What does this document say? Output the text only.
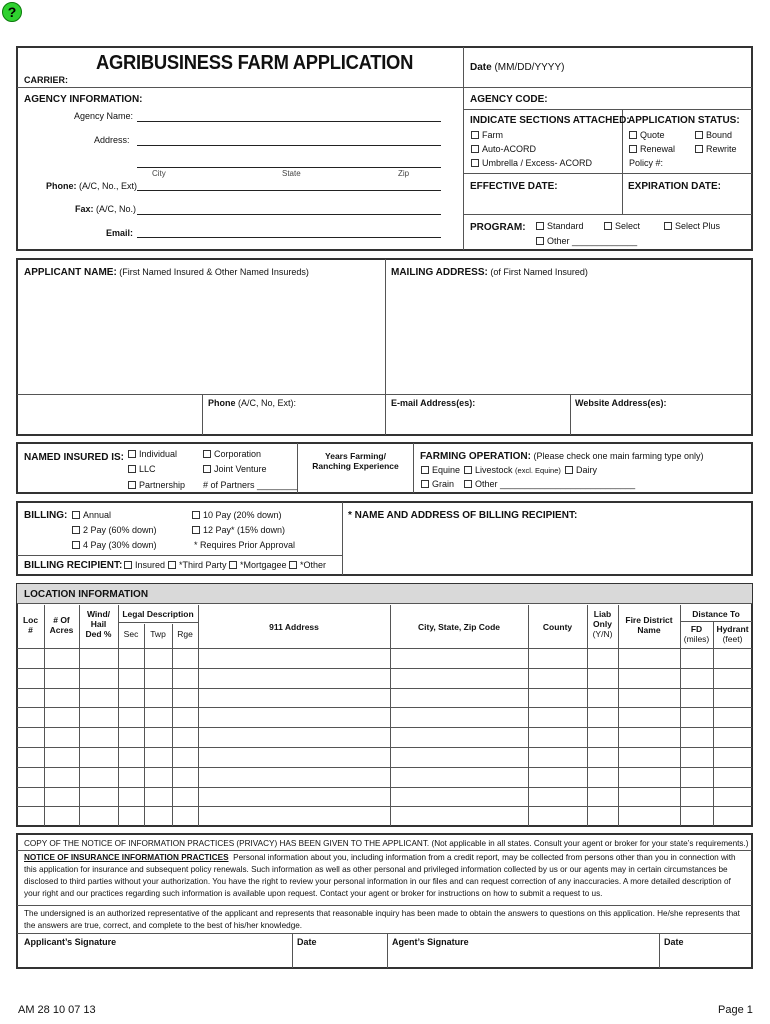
?
AGRIBUSINESS FARM APPLICATION
CARRIER:
Date (MM/DD/YYYY)
AGENCY INFORMATION:
Agency Name:
Address:
City	State	Zip
Phone: (A/C, No., Ext)
Fax: (A/C, No.)
Email:
AGENCY CODE:
INDICATE SECTIONS ATTACHED:
Farm
Auto-ACORD
Umbrella / Excess- ACORD
APPLICATION STATUS:
Quote	Bound
Renewal	Rewrite
Policy #:
EFFECTIVE DATE:	EXPIRATION DATE:
PROGRAM:	Standard	Select	Select Plus
Other _____________
APPLICANT NAME: (First Named Insured & Other Named Insureds)	MAILING ADDRESS: (of First Named Insured)
Phone (A/C, No, Ext):	E-mail Address(es):	Website Address(es):
NAMED INSURED IS:	Individual
LLC
Partnership
Corporation
Joint Venture
# of Partners ________
Years Farming/
Ranching Experience
FARMING OPERATION: (Please check one main farming type only)
Equine	Livestock (excl. Equine)	Dairy
Grain	Other ___________________________
BILLING:	Annual
2 Pay (60% down)
4 Pay (30% down)
10 Pay (20% down)
12 Pay* (15% down)
* Requires Prior Approval
* NAME AND ADDRESS OF BILLING RECIPIENT:
BILLING RECIPIENT:	Insured	*Third Party	*Mortgagee	*Other
LOCATION INFORMATION
Loc
#
# Of
Acres
Wind/
Hail
Ded %
Legal Description
Sec	Twp	Rge
911 Address	City, State, Zip Code	County
Liab
Only
(Y/N)
Fire District
Name
Distance To
FD
(miles)
Hydrant
(feet)
COPY OF THE NOTICE OF INFORMATION PRACTICES (PRIVACY) HAS BEEN GIVEN TO THE APPLICANT. (Not applicable in all states. Consult your agent or broker for your state’s requirements.)
NOTICE OF INSURANCE INFORMATION PRACTICES Personal information about you, including information from a credit report, may be collected from persons other than you in connection with
this application for insurance and subsequent policy renewals. Such information as well as other personal and privileged information collected by us or our agents may in certain circumstances be
disclosed to third parties without your authorization. You have the right to review your personal information in our files and can request correction of any inaccuracies. A more detailed description of
your right and our practices regarding such information is available upon request. Contact your agent or broker for instructions on how to submit a request to us.
The undersigned is an authorized representative of the applicant and represents that reasonable inquiry has been made to obtain the answers to questions on this application. He/she represents that
the answers are true, correct, and complete to the best of his/her knowledge.
Applicant’s Signature	Date	Agent’s Signature	Date
AM 28 10 07 13	Page 1
